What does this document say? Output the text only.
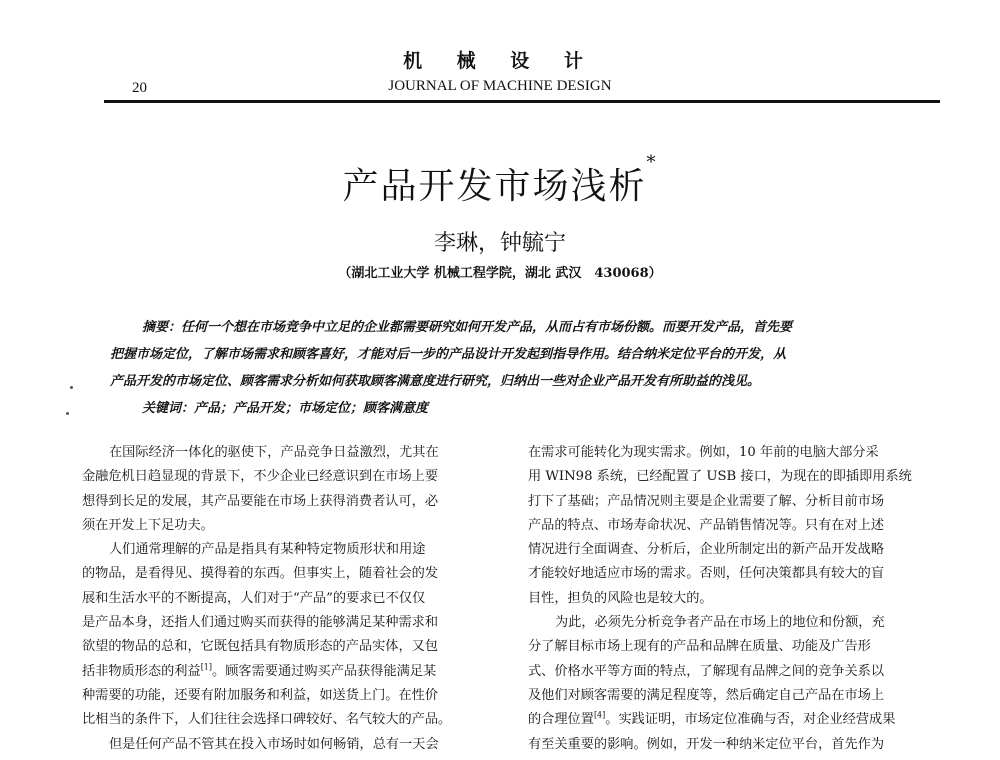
机 械 设 计
20	JOURNAL OF MACHINE DESIGN
产品开发市场浅析*
李琳，钟毓宁
（湖北工业大学 机械工程学院，湖北 武汉　430068）
摘要：任何一个想在市场竞争中立足的企业都需要研究如何开发产品，从而占有市场份额。而要开发产品，首先要
把握市场定位，了解市场需求和顾客喜好，才能对后一步的产品设计开发起到指导作用。结合纳米定位平台的开发，从
产品开发的市场定位、顾客需求分析如何获取顾客满意度进行研究，归纳出一些对企业产品开发有所助益的浅见。
关键词：产品；产品开发；市场定位；顾客满意度
在国际经济一体化的驱使下，产品竞争日益激烈，尤其在
金融危机日趋显现的背景下，不少企业已经意识到在市场上要
想得到长足的发展，其产品要能在市场上获得消费者认可，必
须在开发上下足功夫。
人们通常理解的产品是指具有某种特定物质形状和用途
的物品，是看得见、摸得着的东西。但事实上，随着社会的发
展和生活水平的不断提高，人们对于“产品”的要求已不仅仅
是产品本身，还指人们通过购买而获得的能够满足某种需求和
欲望的物品的总和，它既包括具有物质形态的产品实体，又包
括非物质形态的利益[1]。顾客需要通过购买产品获得能满足某
种需要的功能，还要有附加服务和利益，如送货上门。在性价
比相当的条件下，人们往往会选择口碑较好、名气较大的产品。
但是任何产品不管其在投入市场时如何畅销，总有一天会
在需求可能转化为现实需求。例如，10 年前的电脑大部分采
用 WIN98 系统，已经配置了 USB 接口，为现在的即插即用系统
打下了基础；产品情况则主要是企业需要了解、分析目前市场
产品的特点、市场寿命状况、产品销售情况等。只有在对上述
情况进行全面调查、分析后，企业所制定出的新产品开发战略
才能较好地适应市场的需求。否则，任何决策都具有较大的盲
目性，担负的风险也是较大的。
为此，必须先分析竞争者产品在市场上的地位和份额，充
分了解目标市场上现有的产品和品牌在质量、功能及广告形
式、价格水平等方面的特点，了解现有品牌之间的竞争关系以
及他们对顾客需要的满足程度等，然后确定自己产品在市场上
的合理位置[4]。实践证明，市场定位准确与否，对企业经营成果
有至关重要的影响。例如，开发一种纳米定位平台，首先作为
